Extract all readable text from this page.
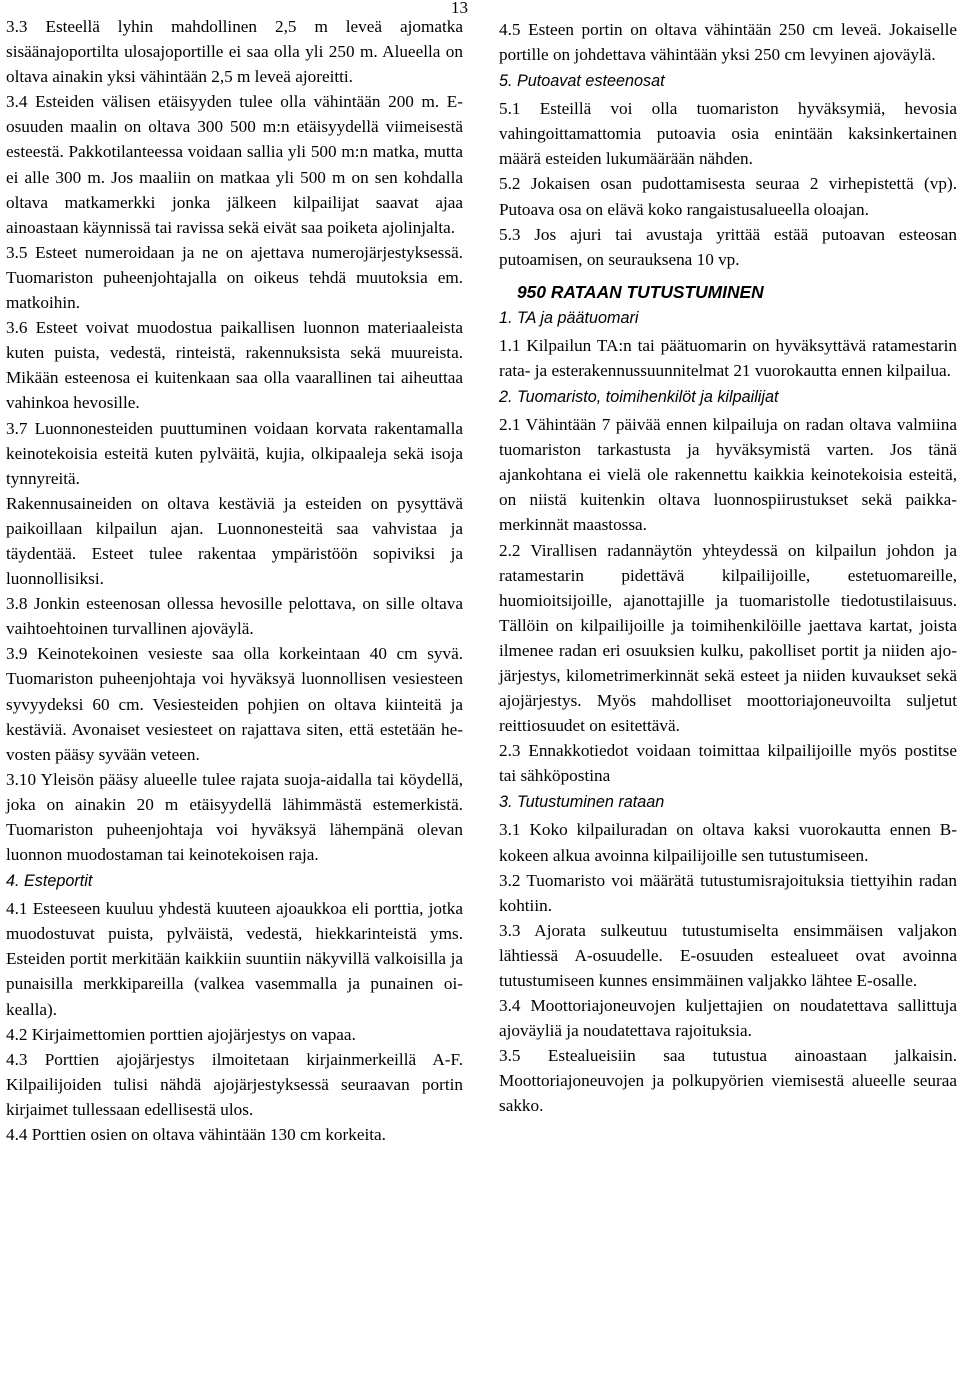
13

3.3 Esteellä lyhin mahdollinen 2,5 m leveä ajomatka sisäänajoportilta ulosajoportille ei saa olla yli 250 m. Alueella on oltava ainakin yksi vähintään 2,5 m leveä ajoreitti.

3.4 Esteiden välisen etäisyyden tulee olla vähintään 200 m. E-osuuden maalin on oltava 300 500 m:n etäisyydellä viimeisestä esteestä. Pakkotilanteessa voidaan sallia yli 500 m:n matka, mutta ei alle 300 m. Jos maaliin on matkaa yli 500 m on sen kohdalla oltava matkamerkki jonka jälkeen kilpailijat saavat ajaa ainoastaan käynnissä tai ravissa sekä eivät saa poiketa ajolinjalta.

3.5 Esteet numeroidaan ja ne on ajettava numerojärjestyksessä. Tuomariston puheenjohtajalla on oikeus tehdä muutoksia em. matkoihin.

3.6 Esteet voivat muodostua paikallisen luonnon materiaaleista kuten puista, vedestä, rinteistä, rakennuksista sekä muureista. Mikään esteenosa ei kuitenkaan saa olla vaarallinen tai aiheuttaa vahinkoa hevosille.

3.7 Luonnonesteiden puuttuminen voidaan korvata rakentamalla keinotekoisia esteitä kuten pylväitä, kujia, olkipaaleja sekä isoja tynnyreitä.

Rakennusaineiden on oltava kestäviä ja esteiden on pysyttävä paikoillaan kilpailun ajan. Luonnonesteitä saa vahvistaa ja täydentää. Esteet tulee rakentaa ympäristöön sopiviksi ja luonnollisiksi.

3.8 Jonkin esteenosan ollessa hevosille pelottava, on sille oltava vaihtoehtoinen turvallinen ajoväylä.

3.9 Keinotekoinen vesieste saa olla korkeintaan 40 cm syvä. Tuomariston puheenjohtaja voi hyväksyä luonnollisen vesiesteen syvyydeksi 60 cm. Vesiesteiden pohjien on oltava kiinteitä ja kestäviä. Avonaiset vesiesteet on rajattava siten, että estetään hevosten pääsy syvään veteen.

3.10 Yleisön pääsy alueelle tulee rajata suoja-aidalla tai köydellä, joka on ainakin 20 m etäisyydellä lähimmästä estemerkistä. Tuomariston puheenjohtaja voi hyväksyä lähempänä olevan luonnon muodostaman tai keinotekoisen raja.

4. Esteportit

4.1 Esteeseen kuuluu yhdestä kuuteen ajoaukkoa eli porttia, jotka muodostuvat puista, pylväistä, vedestä, hiekkarinteistä yms. Esteiden portit merkitään kaikkiin suuntiin näkyvillä valkoisilla ja punaisilla merkkipareilla (valkea vasemmalla ja punainen oikealla).

4.2 Kirjaimettomien porttien ajojärjestys on vapaa.

4.3 Porttien ajojärjestys ilmoitetaan kirjainmerkeillä A-F. Kilpailijoiden tulisi nähdä ajojärjestyksessä seuraavan portin kirjaimet tullessaan edellisestä ulos.

4.4 Porttien osien on oltava vähintään 130 cm korkeita.

4.5 Esteen portin on oltava vähintään 250 cm leveä. Jokaiselle portille on johdettava vähintään yksi 250 cm levyinen ajoväylä.

5. Putoavat esteenosat

5.1 Esteillä voi olla tuomariston hyväksymiä, hevosia vahingoittamattomia putoavia osia enintään kaksinkertainen määrä esteiden lukumäärään nähden.

5.2 Jokaisen osan pudottamisesta seuraa 2 virhepistettä (vp). Putoava osa on elävä koko rangaistusalueella oloajan.

5.3 Jos ajuri tai avustaja yrittää estää putoavan esteosan putoamisen, on seurauksena 10 vp.

950 RATAAN TUTUSTUMINEN
1. TA ja päätuomari

1.1 Kilpailun TA:n tai päätuomarin on hyväksyttävä ratamestarin rata- ja esterakennussuunnitelmat 21 vuorokautta ennen kilpailua.

2. Tuomaristo, toimihenkilöt ja kilpailijat

2.1 Vähintään 7 päivää ennen kilpailuja on radan oltava valmiina tuomariston tarkastusta ja hyväksymistä varten. Jos tänä ajankohtana ei vielä ole rakennettu kaikkia keinotekoisia esteitä, on niistä kuitenkin oltava luonnospiirustukset sekä paikkamerkinnät maastossa.

2.2 Virallisen radannäytön yhteydessä on kilpailun johdon ja ratamestarin pidettävä kilpailijoille, estetuomareille, huomioitsijoille, ajanottajille ja tuomaristolle tiedotustilaisuus. Tällöin on kilpailijoille ja toimihenkilöille jaettava kartat, joista ilmenee radan eri osuuksien kulku, pakolliset portit ja niiden ajojärjestys, kilometrimerkinnät sekä esteet ja niiden kuvaukset sekä ajojärjestys. Myös mahdolliset moottoriajoneuvoilta suljetut reittiosuudet on esitettävä.

2.3 Ennakkotiedot voidaan toimittaa kilpailijoille myös postitse tai sähköpostina

3. Tutustuminen rataan

3.1 Koko kilpailuradan on oltava kaksi vuorokautta ennen B-kokeen alkua avoinna kilpailijoille sen tutustumiseen.

3.2 Tuomaristo voi määrätä tutustumisrajoituksia tiettyihin radan kohtiin.

3.3 Ajorata sulkeutuu tutustumiselta ensimmäisen valjakon lähtiessä A-osuudelle. E-osuuden estealueet ovat avoinna tutustumiseen kunnes ensimmäinen valjakko lähtee E-osalle.

3.4 Moottoriajoneuvojen kuljettajien on noudatettava sallittuja ajoväyliä ja noudatettava rajoituksia.

3.5 Estealueisiin saa tutustua ainoastaan jalkaisin. Moottoriajoneuvojen ja polkupyörien viemisestä alueelle seuraa sakko.
